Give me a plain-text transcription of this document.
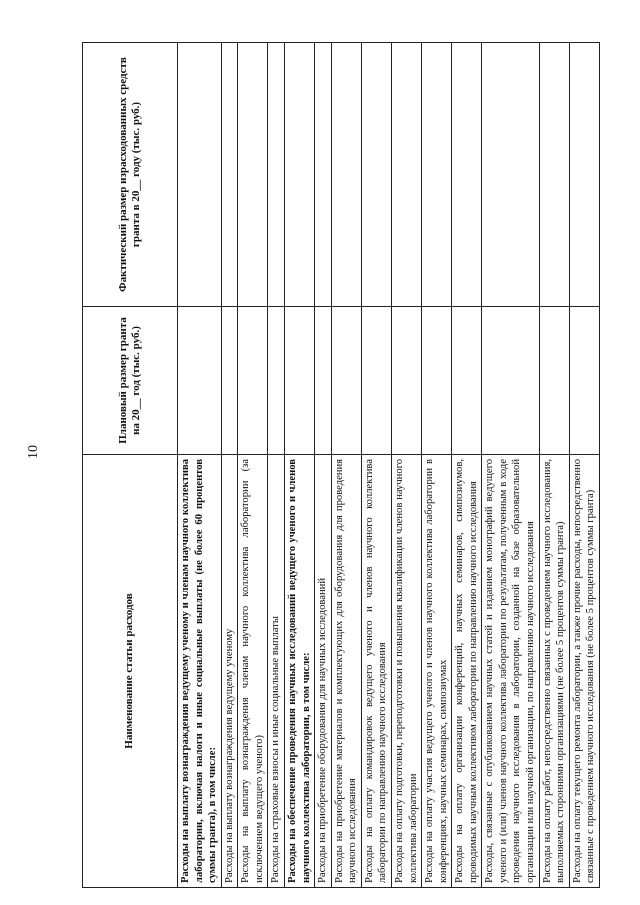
10
Наименование статьи расходов	Плановый размер гранта на 20__ год (тыс. руб.)	Фактический размер израсходованных средств гранта в 20__ году (тыс. руб.)
Расходы на выплату вознаграждения ведущему ученому и членам научного коллектива лаборатории, включая налоги и иные социальные выплаты (не более 60 процентов суммы гранта), в том числе:		
Расходы на выплату вознаграждения ведущему ученому		
Расходы на выплату вознаграждения членам научного коллектива лаборатории (за исключением ведущего ученого)		
Расходы на страховые взносы и иные социальные выплаты		
Расходы на обеспечение проведения научных исследований ведущего ученого и членов научного коллектива лаборатории, в том числе:		
Расходы на приобретение оборудования для научных исследований		
Расходы на приобретение материалов и комплектующих для оборудования для проведения научного исследования		
Расходы на оплату командировок ведущего ученого и членов научного коллектива лаборатории по направлению научного исследования		
Расходы на оплату подготовки, переподготовки и повышения квалификации членов научного коллектива лаборатории		
Расходы на оплату участия ведущего ученого и членов научного коллектива лаборатории в конференциях, научных семинарах, симпозиумах		
Расходы на оплату организации конференций, научных семинаров, симпозиумов, проводимых научным коллективом лаборатории по направлению научного исследования		
Расходы, связанные с опубликованием научных статей и изданием монографий ведущего ученого и (или) членов научного коллектива лаборатории по результатам, полученным в ходе проведения научного исследования в лаборатории, созданной на базе образовательной организации или научной организации, по направлению научного исследования		
Расходы на оплату работ, непосредственно связанных с проведением научного исследования, выполняемых сторонними организациями (не более 5 процентов суммы гранта)		
Расходы на оплату текущего ремонта лаборатории, а также прочие расходы, непосредственно связанные с проведением научного исследования (не более 5 процентов суммы гранта)		
